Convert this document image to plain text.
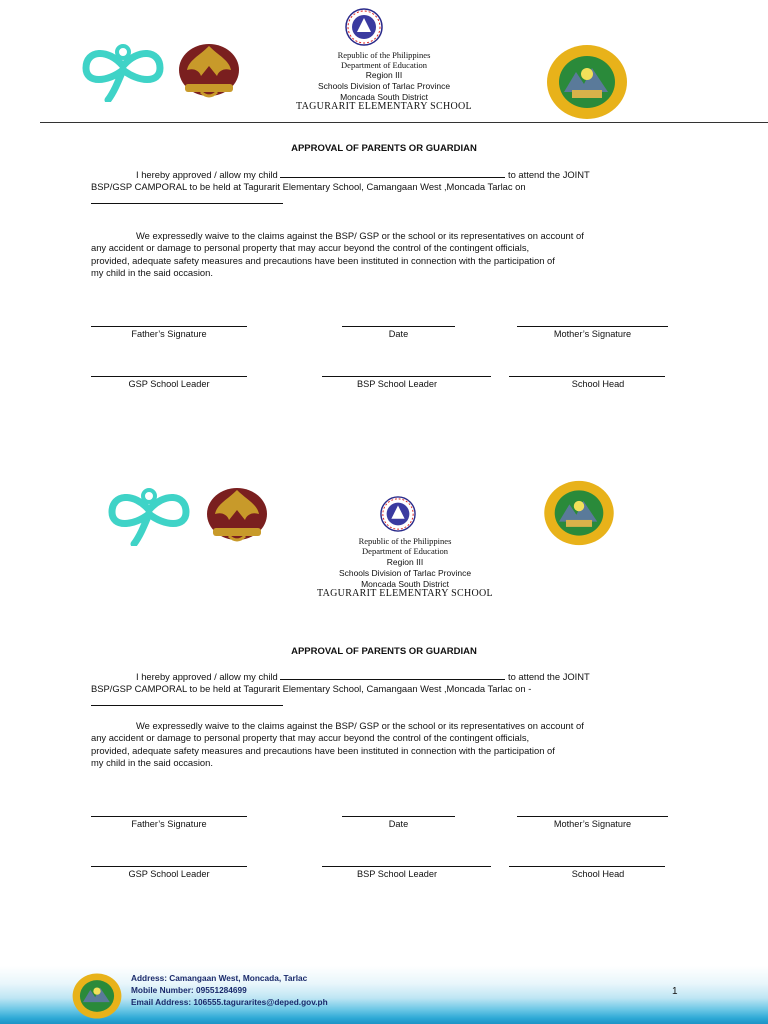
Republic of the Philippines
Department of Education
Region III
Schools Division of Tarlac Province
Moncada South District
TAGURARIT ELEMENTARY SCHOOL
APPROVAL OF PARENTS OR GUARDIAN
I hereby approved / allow my child	to attend the JOINT
BSP/GSP CAMPORAL to be held at Tagurarit Elementary School, Camangaan West ,Moncada Tarlac on

We expressedly waive to the claims against the BSP/ GSP or the school or its representatives on account of
any accident or damage to personal property that may accur beyond the control of the contingent officials,
provided, adequate safety measures and precautions have been instituted in connection with the participation of
my child in the said occasion.
Father’s Signature	Date	Mother’s Signature
GSP School Leader	BSP School Leader	School Head
Republic of the Philippines
Department of Education
Region III
Schools Division of Tarlac Province
Moncada South District
TAGURARIT ELEMENTARY SCHOOL
APPROVAL OF PARENTS OR GUARDIAN
I hereby approved / allow my child	to attend the JOINT
BSP/GSP CAMPORAL to be held at Tagurarit Elementary School, Camangaan West ,Moncada Tarlac on -

We expressedly waive to the claims against the BSP/ GSP or the school or its representatives on account of
any accident or damage to personal property that may accur beyond the control of the contingent officials,
provided, adequate safety measures and precautions have been instituted in connection with the participation of
my child in the said occasion.
Father’s Signature	Date	Mother’s Signature
GSP School Leader	BSP School Leader	School Head
Address: Camangaan West, Moncada, Tarlac
Mobile Number: 09551284699
Email Address: 106555.tagurarites@deped.gov.ph
1
